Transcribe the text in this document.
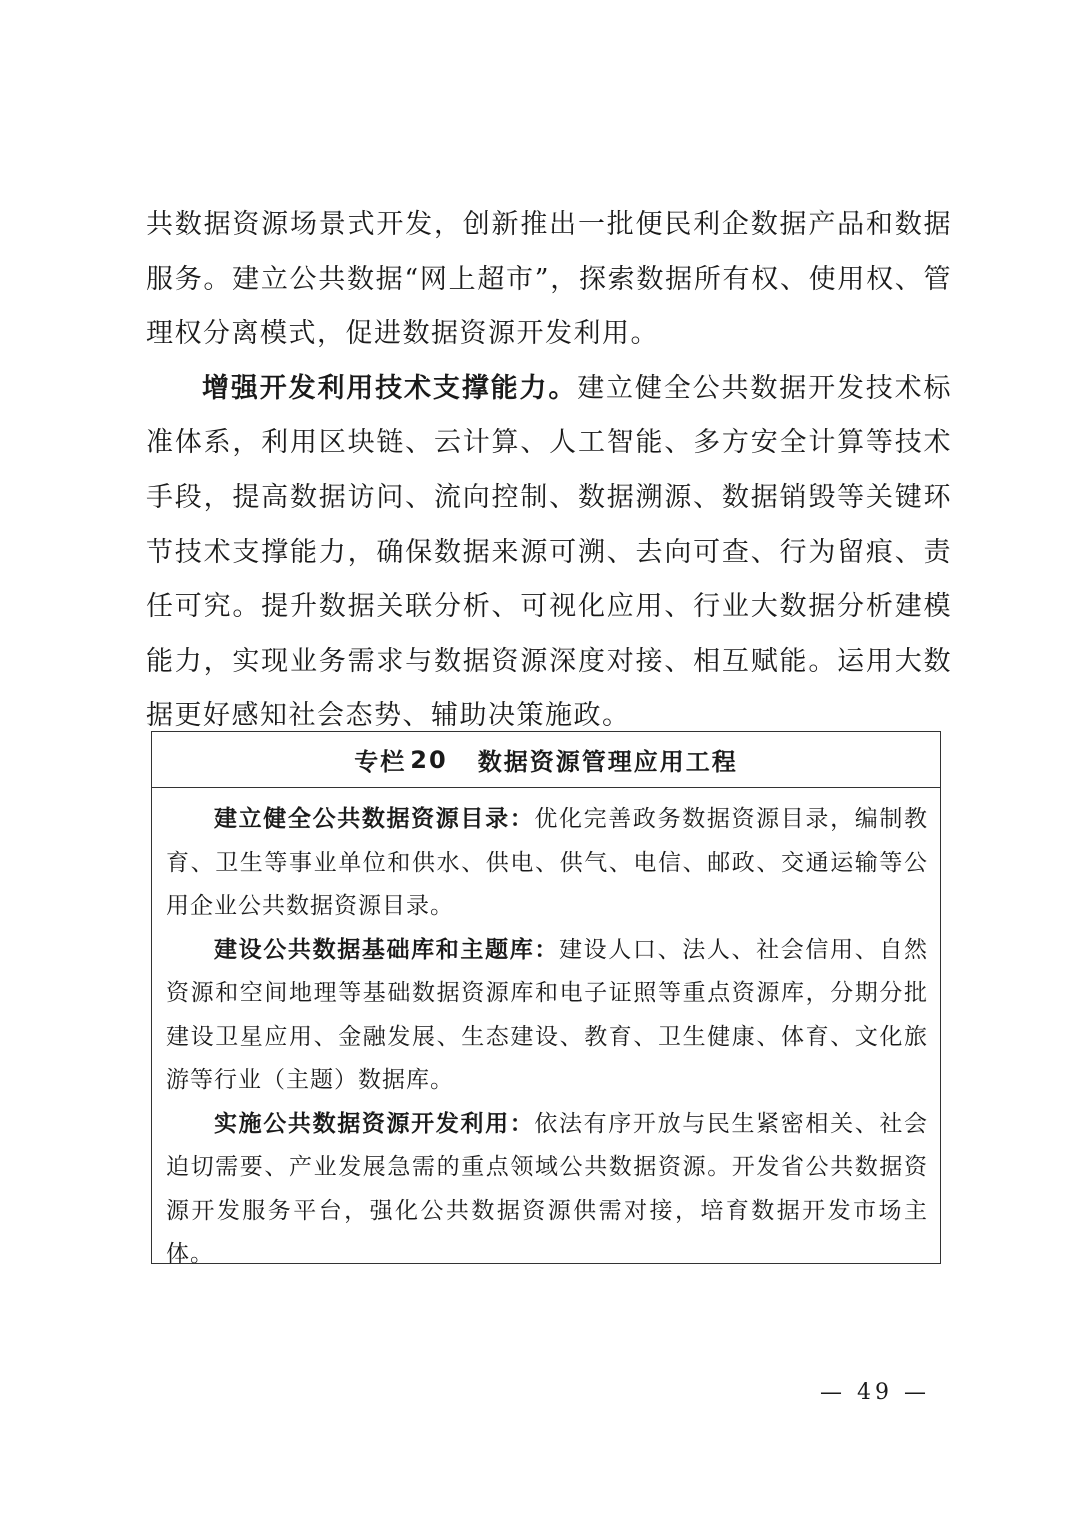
共数据资源场景式开发，创新推出一批便民利企数据产品和数据服务。建立公共数据“网上超市”，探索数据所有权、使用权、管理权分离模式，促进数据资源开发利用。

增强开发利用技术支撑能力。建立健全公共数据开发技术标准体系，利用区块链、云计算、人工智能、多方安全计算等技术手段，提高数据访问、流向控制、数据溯源、数据销毁等关键环节技术支撑能力，确保数据来源可溯、去向可查、行为留痕、责任可究。提升数据关联分析、可视化应用、行业大数据分析建模能力，实现业务需求与数据资源深度对接、相互赋能。运用大数据更好感知社会态势、辅助决策施政。

专栏 20 数据资源管理应用工程

建立健全公共数据资源目录：优化完善政务数据资源目录，编制教育、卫生等事业单位和供水、供电、供气、电信、邮政、交通运输等公用企业公共数据资源目录。

建设公共数据基础库和主题库：建设人口、法人、社会信用、自然资源和空间地理等基础数据资源库和电子证照等重点资源库，分期分批建设卫星应用、金融发展、生态建设、教育、卫生健康、体育、文化旅游等行业（主题）数据库。

实施公共数据资源开发利用：依法有序开放与民生紧密相关、社会迫切需要、产业发展急需的重点领域公共数据资源。开发省公共数据资源开发服务平台，强化公共数据资源供需对接，培育数据开发市场主体。

— 49 —
